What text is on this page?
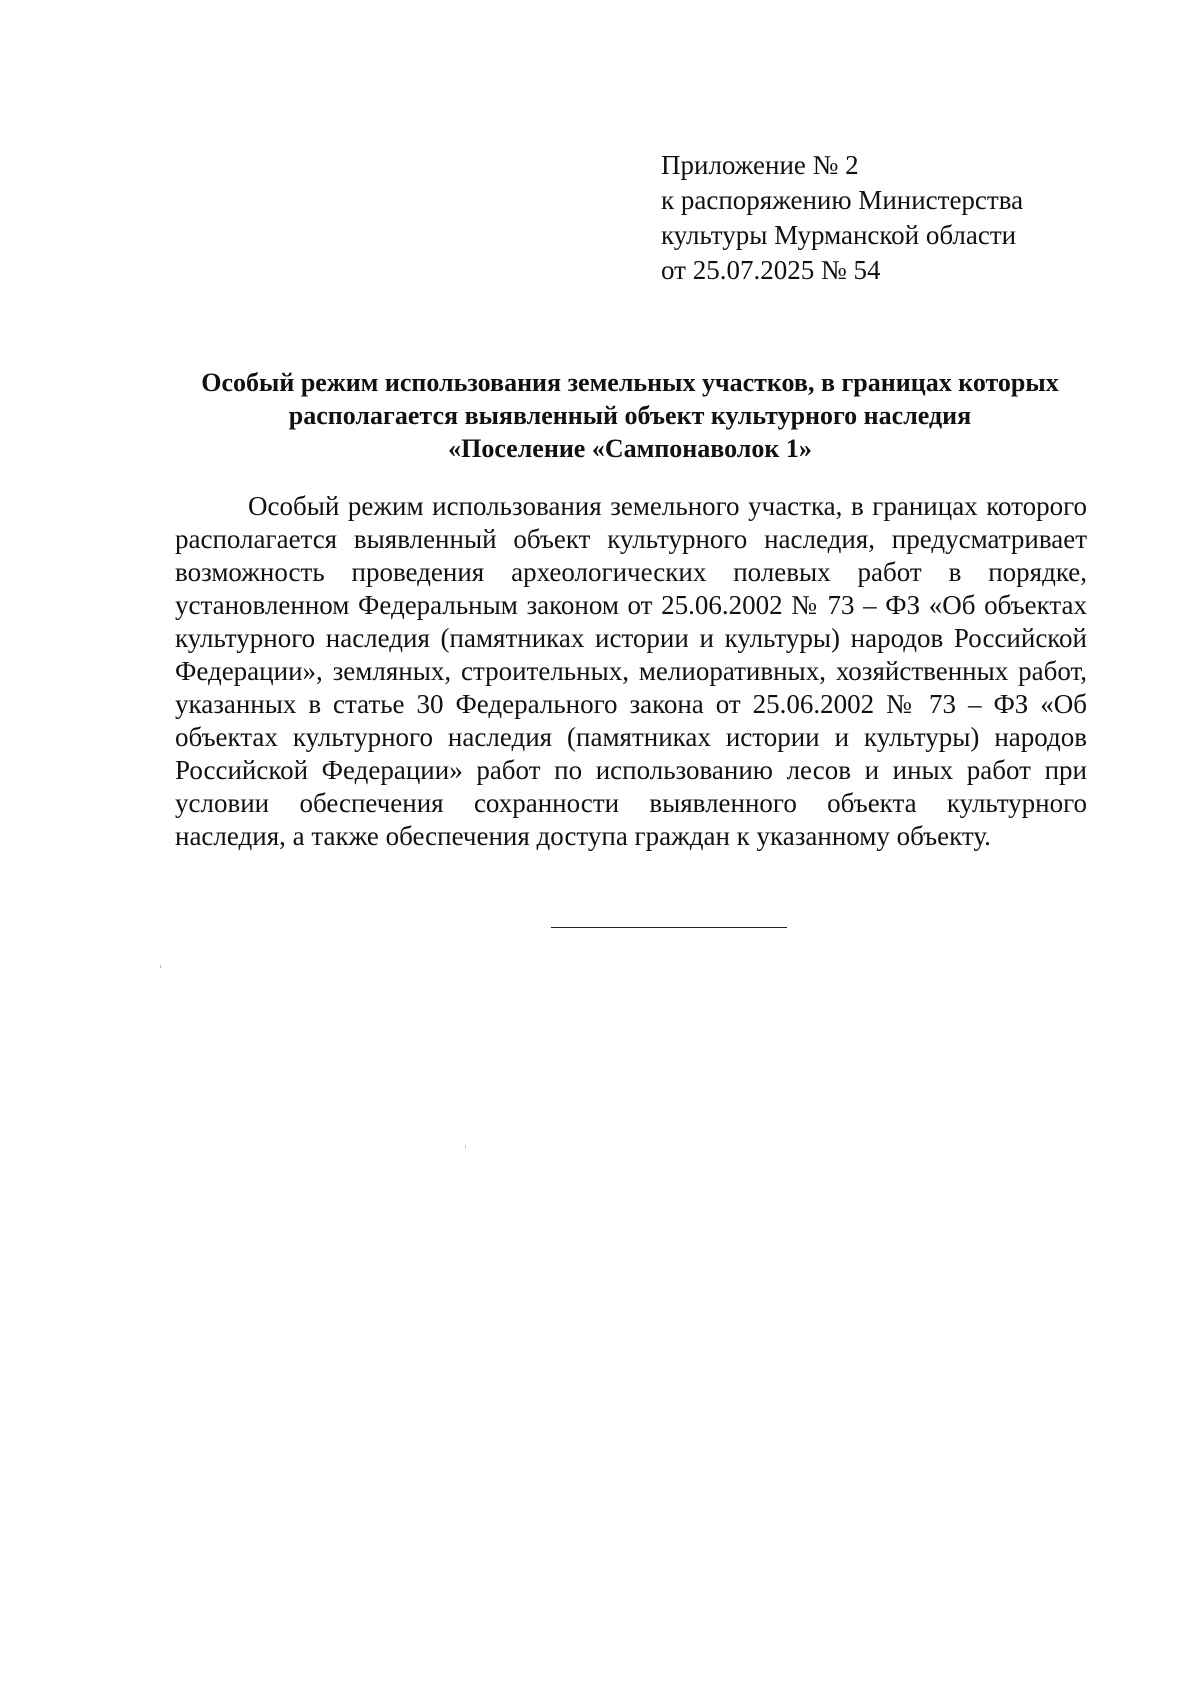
Приложение № 2
к распоряжению Министерства
культуры Мурманской области
от 25.07.2025 № 54
Особый режим использования земельных участков, в границах которых
располагается выявленный объект культурного наследия
«Поселение «Сампонаволок 1»
Особый режим использования земельного участка, в границах которого
располагается выявленный объект культурного наследия, предусматривает
возможность проведения археологических полевых работ в порядке,
установленном Федеральным законом от 25.06.2002 № 73 – ФЗ «Об объектах
культурного наследия (памятниках истории и культуры) народов Российской
Федерации», земляных, строительных, мелиоративных, хозяйственных работ,
указанных в статье 30 Федерального закона от 25.06.2002 № 73 – ФЗ «Об
объектах культурного наследия (памятниках истории и культуры) народов
Российской Федерации» работ по использованию лесов и иных работ при
условии обеспечения сохранности выявленного объекта культурного
наследия, а также обеспечения доступа граждан к указанному объекту.
